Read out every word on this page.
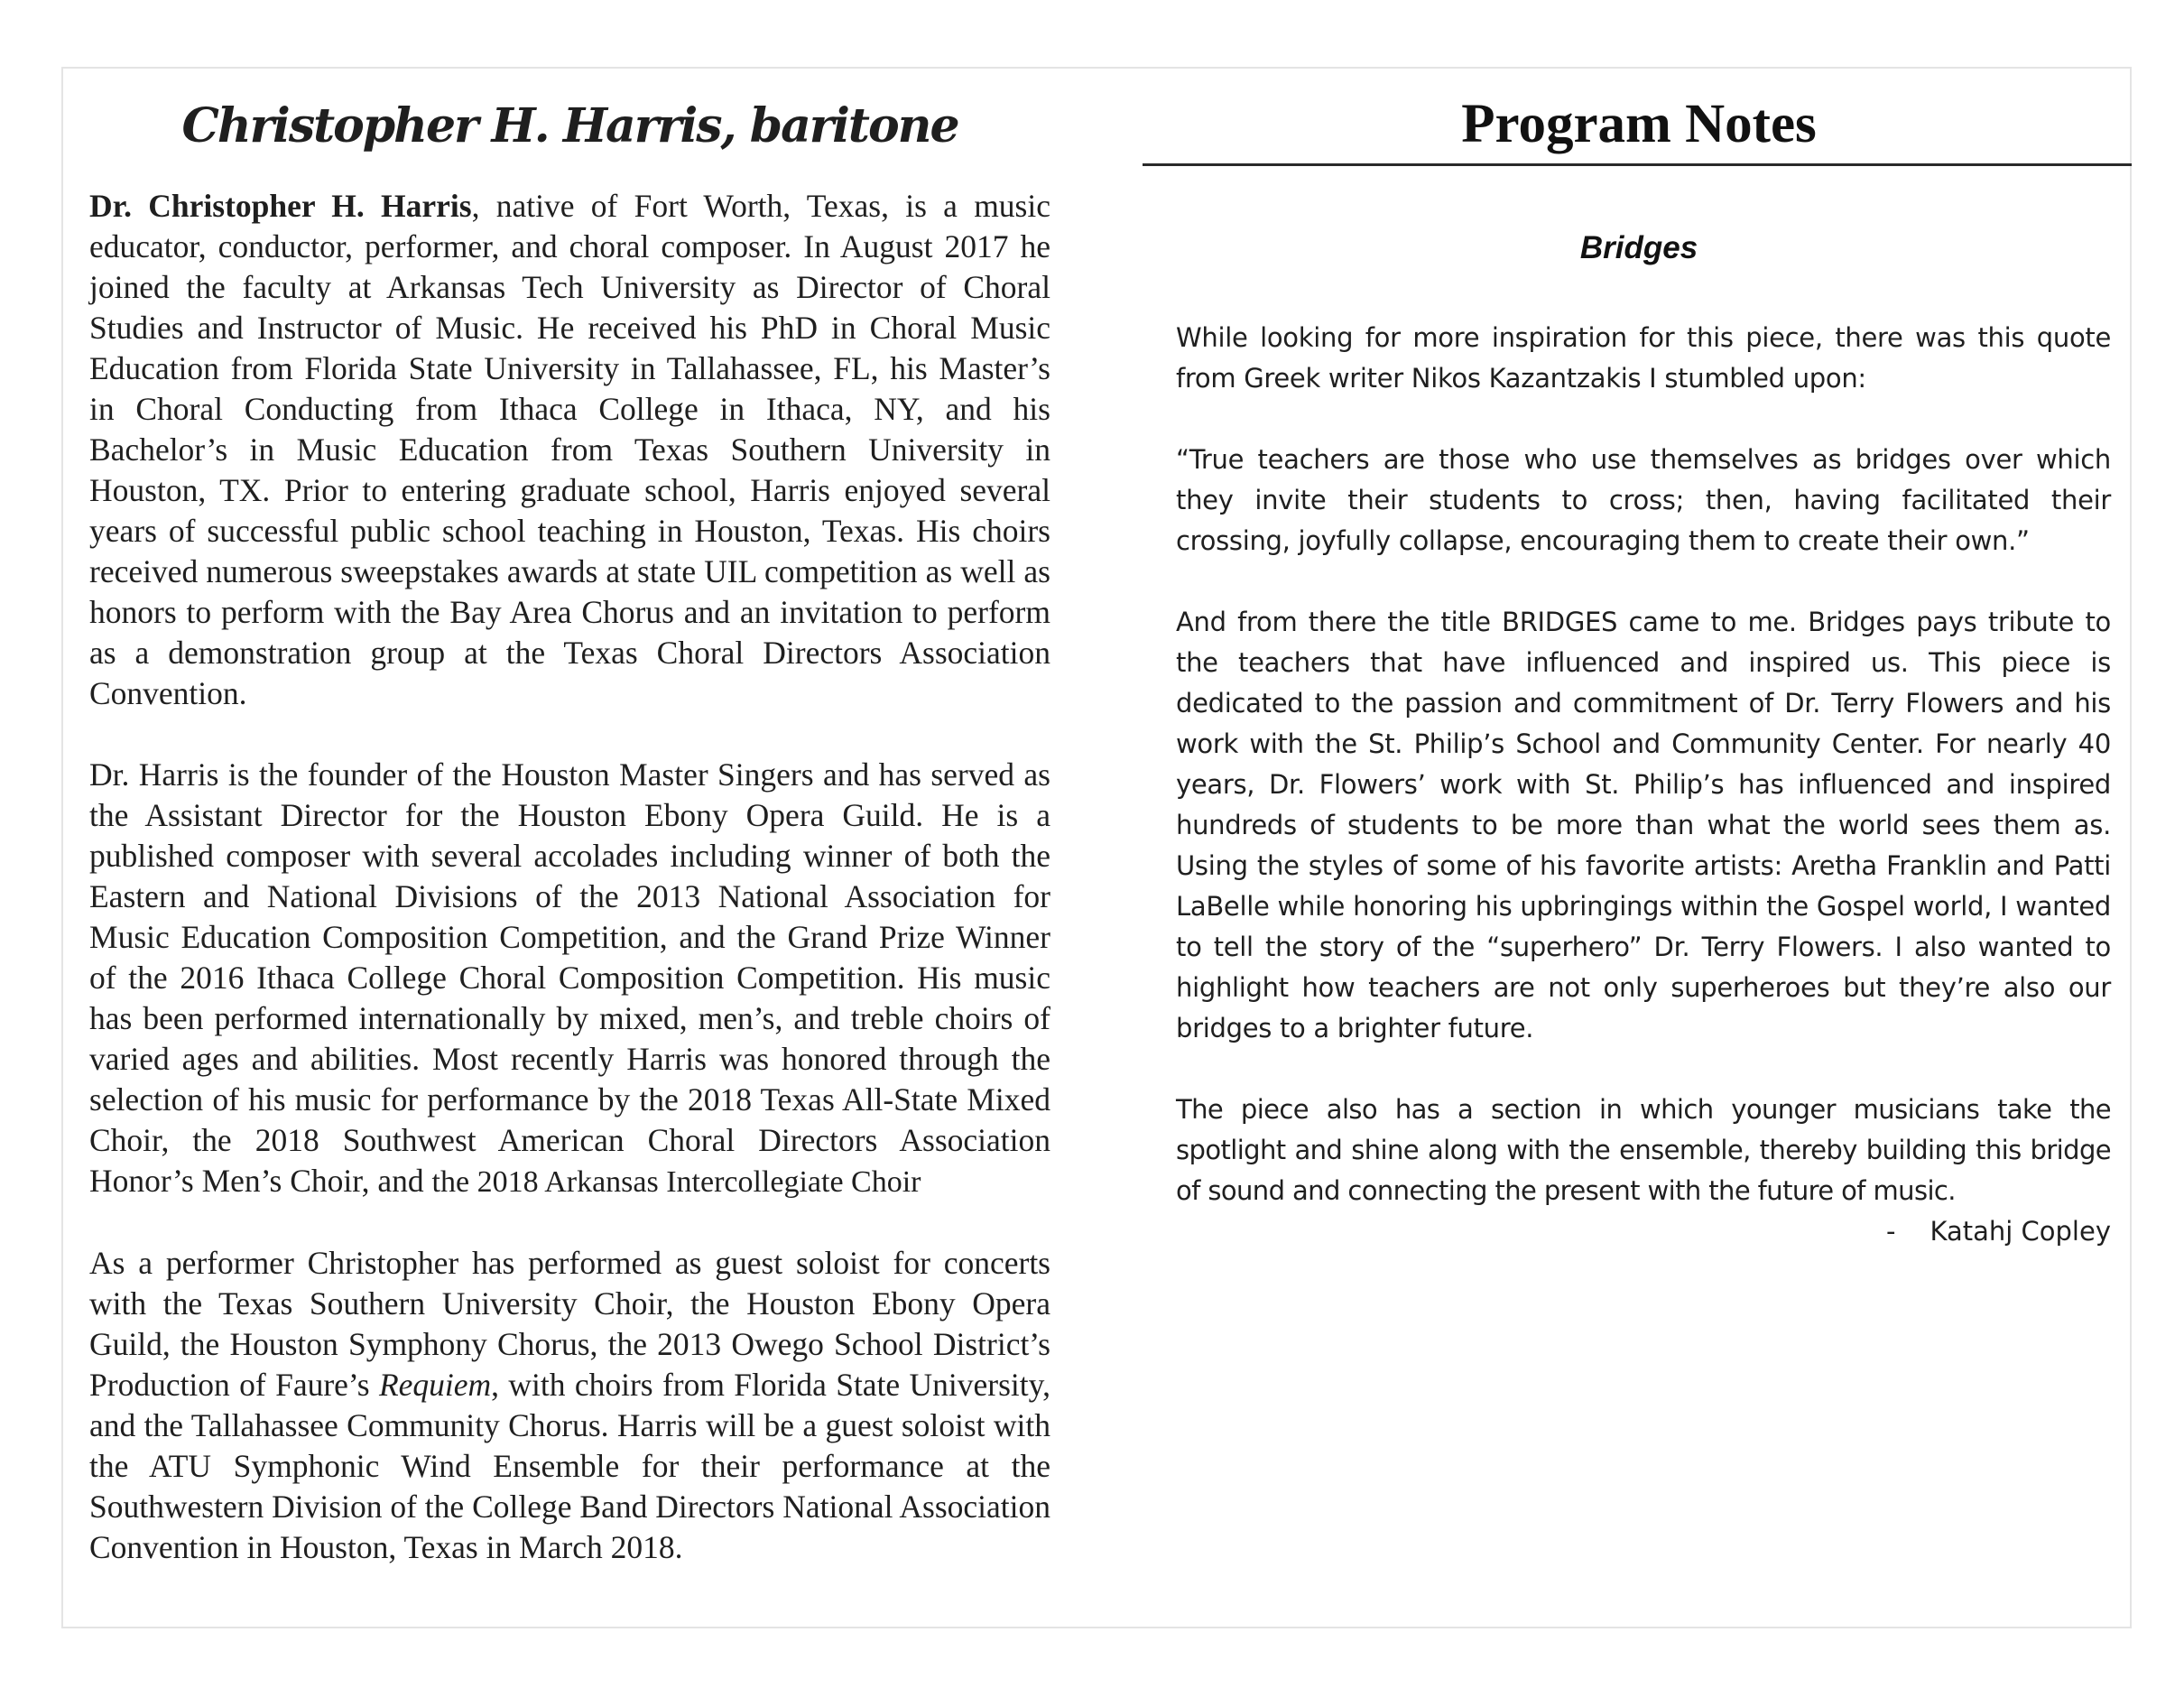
Christopher H. Harris, baritone

Dr. Christopher H. Harris, native of Fort Worth, Texas, is a music educator, conductor, performer, and choral composer. In August 2017 he joined the faculty at Arkansas Tech University as Director of Choral Studies and Instructor of Music. He received his PhD in Choral Music Education from Florida State University in Tallahassee, FL, his Master’s in Choral Conducting from Ithaca College in Ithaca, NY, and his Bachelor’s in Music Education from Texas Southern University in Houston, TX. Prior to entering graduate school, Harris enjoyed several years of successful public school teaching in Houston, Texas. His choirs received numerous sweepstakes awards at state UIL competition as well as honors to perform with the Bay Area Chorus and an invitation to perform as a demonstration group at the Texas Choral Directors Association Convention.

Dr. Harris is the founder of the Houston Master Singers and has served as the Assistant Director for the Houston Ebony Opera Guild. He is a published composer with several accolades including winner of both the Eastern and National Divisions of the 2013 National Association for Music Education Composition Competition, and the Grand Prize Winner of the 2016 Ithaca College Choral Composition Competition. His music has been performed internationally by mixed, men’s, and treble choirs of varied ages and abilities. Most recently Harris was honored through the selection of his music for performance by the 2018 Texas All-State Mixed Choir, the 2018 Southwest American Choral Directors Association Honor’s Men’s Choir, and the 2018 Arkansas Intercollegiate Choir

As a performer Christopher has performed as guest soloist for concerts with the Texas Southern University Choir, the Houston Ebony Opera Guild, the Houston Symphony Chorus, the 2013 Owego School District’s Production of Faure’s Requiem, with choirs from Florida State University, and the Tallahassee Community Chorus. Harris will be a guest soloist with the ATU Symphonic Wind Ensemble for their performance at the Southwestern Division of the College Band Directors National Association Convention in Houston, Texas in March 2018.

Program Notes
Bridges

While looking for more inspiration for this piece, there was this quote from Greek writer Nikos Kazantzakis I stumbled upon:

“True teachers are those who use themselves as bridges over which they invite their students to cross; then, having facilitated their crossing, joyfully collapse, encouraging them to create their own.”

And from there the title BRIDGES came to me. Bridges pays tribute to the teachers that have influenced and inspired us. This piece is dedicated to the passion and commitment of Dr. Terry Flowers and his work with the St. Philip’s School and Community Center. For nearly 40 years, Dr. Flowers’ work with St. Philip’s has influenced and inspired hundreds of students to be more than what the world sees them as. Using the styles of some of his favorite artists: Aretha Franklin and Patti LaBelle while honoring his upbringings within the Gospel world, I wanted to tell the story of the “superhero” Dr. Terry Flowers. I also wanted to highlight how teachers are not only superheroes but they’re also our bridges to a brighter future.

The piece also has a section in which younger musicians take the spotlight and shine along with the ensemble, thereby building this bridge of sound and connecting the present with the future of music.

- Katahj Copley
